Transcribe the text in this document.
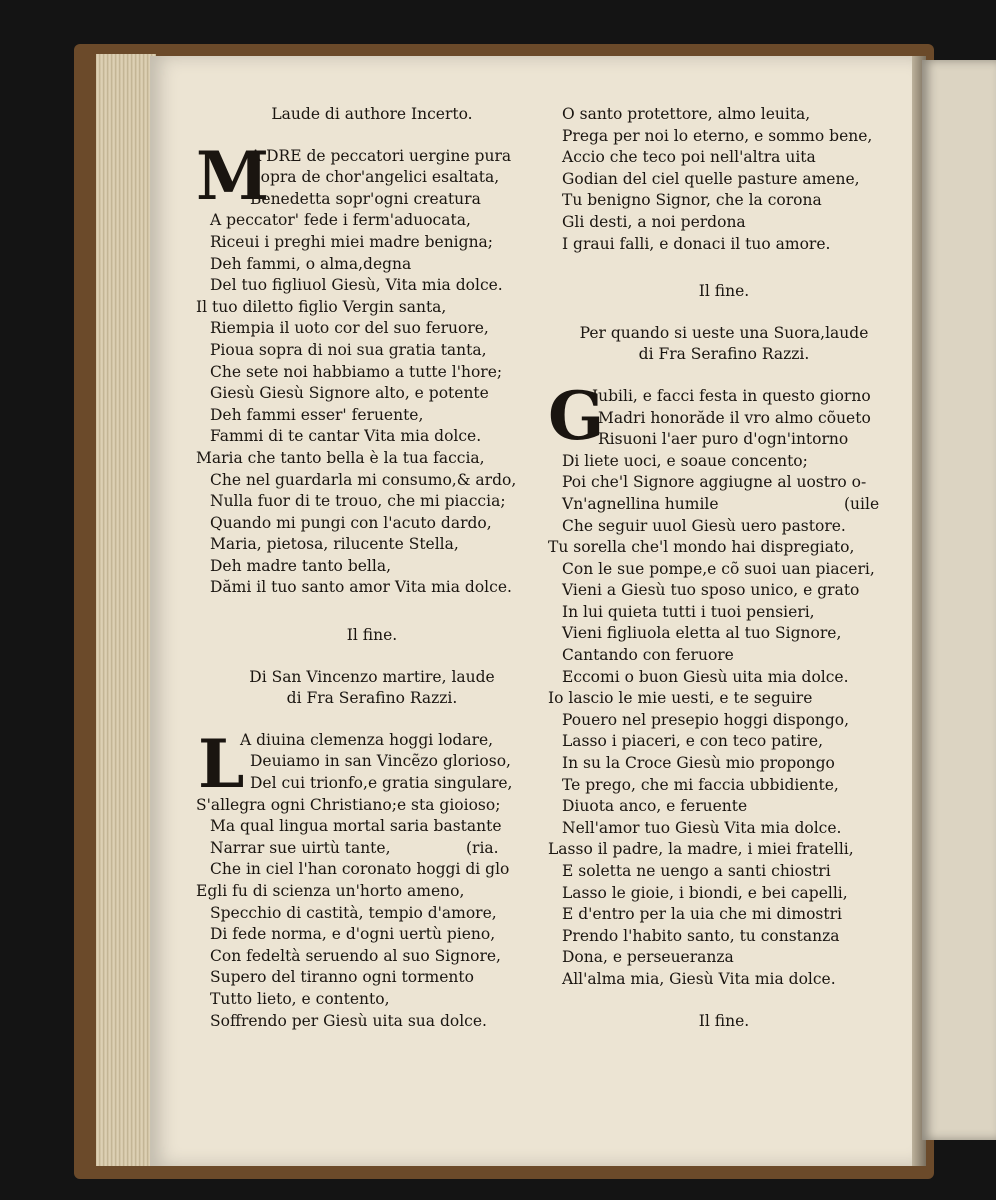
Laude di authore Incerto.
M
A DRE de peccatori uergine pura
Sopra de chor'angelici esaltata,
Benedetta sopr'ogni creatura
A peccator' fede i ferm'aduocata,
Riceui i preghi miei madre benigna;
Deh fammi, o alma,degna
Del tuo figliuol Giesù, Vita mia dolce.
Il tuo diletto figlio Vergin santa,
Riempia il uoto cor del suo feruore,
Pioua sopra di noi sua gratia tanta,
Che sete noi habbiamo a tutte l'hore;
Giesù Giesù Signore alto, e potente
Deh fammi esser' feruente,
Fammi di te cantar Vita mia dolce.
Maria che tanto bella è la tua faccia,
Che nel guardarla mi consumo,& ardo,
Nulla fuor di te trouo, che mi piaccia;
Quando mi pungi con l'acuto dardo,
Maria, pietosa, rilucente Stella,
Deh madre tanto bella,
Dămi il tuo santo amor Vita mia dolce.
Il fine.
Di San Vincenzo martire, laude
di Fra Serafino Razzi.
L
A diuina clemenza hoggi lodare,
Deuiamo in san Vincẽzo glorioso,
Del cui trionfo,e gratia singulare,
S'allegra ogni Christiano;e sta gioioso;
Ma qual lingua mortal saria bastante
Narrar sue uirtù tante,	(ria.
Che in ciel l'han coronato hoggi di glo
Egli fu di scienza un'horto ameno,
Specchio di castità, tempio d'amore,
Di fede norma, e d'ogni uertù pieno,
Con fedeltà seruendo al suo Signore,
Supero del tiranno ogni tormento
Tutto lieto, e contento,
Soffrendo per Giesù uita sua dolce.
O santo protettore, almo leuita,
Prega per noi lo eterno, e sommo bene,
Accio che teco poi nell'altra uita
Godian del ciel quelle pasture amene,
Tu benigno Signor, che la corona
Gli desti, a noi perdona
I graui falli, e donaci il tuo amore.
Il fine.
Per quando si ueste una Suora,laude
di Fra Serafino Razzi.
G
Iubili, e facci festa in questo giorno
Madri honorăde il vro almo cõueto
Risuoni l'aer puro d'ogn'intorno
Di liete uoci, e soaue concento;
Poi che'l Signore aggiugne al uostro o-
Vn'agnellina humile	(uile
Che seguir uuol Giesù uero pastore.
Tu sorella che'l mondo hai dispregiato,
Con le sue pompe,e cõ suoi uan piaceri,
Vieni a Giesù tuo sposo unico, e grato
In lui quieta tutti i tuoi pensieri,
Vieni figliuola eletta al tuo Signore,
Cantando con feruore
Eccomi o buon Giesù uita mia dolce.
Io lascio le mie uesti, e te seguire
Pouero nel presepio hoggi dispongo,
Lasso i piaceri, e con teco patire,
In su la Croce Giesù mio propongo
Te prego, che mi faccia ubbidiente,
Diuota anco, e feruente
Nell'amor tuo Giesù Vita mia dolce.
Lasso il padre, la madre, i miei fratelli,
E soletta ne uengo a santi chiostri
Lasso le gioie, i biondi, e bei capelli,
E d'entro per la uia che mi dimostri
Prendo l'habito santo, tu constanza
Dona, e perseueranza
All'alma mia, Giesù Vita mia dolce.
Il fine.
